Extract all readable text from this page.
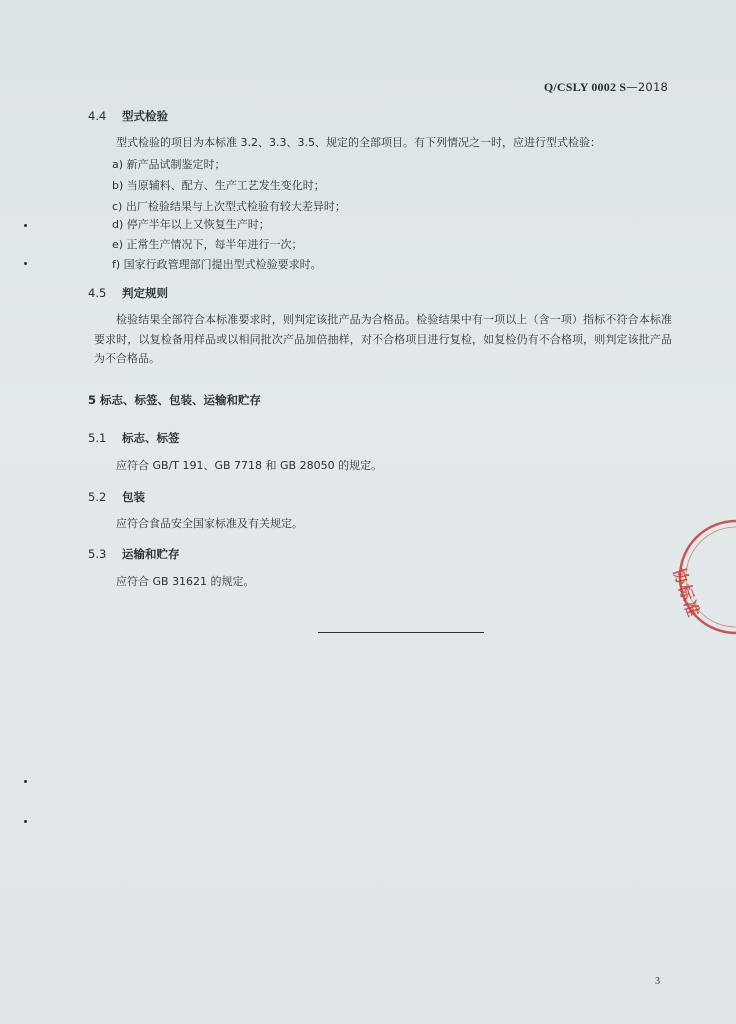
Q/CSLY 0002 S—2018
4.4 型式检验
型式检验的项目为本标准 3.2、3.3、3.5、规定的全部项目。有下列情况之一时，应进行型式检验：
a) 新产品试制鉴定时；
b) 当原辅料、配方、生产工艺发生变化时；
c) 出厂检验结果与上次型式检验有较大差异时；
d) 停产半年以上又恢复生产时；
e) 正常生产情况下，每半年进行一次；
f) 国家行政管理部门提出型式检验要求时。
4.5 判定规则
检验结果全部符合本标准要求时，则判定该批产品为合格品。检验结果中有一项以上（含一项）指标不符合本标准要求时，以复检备用样品或以相同批次产品加倍抽样，对不合格项目进行复检，如复检仍有不合格项，则判定该批产品为不合格品。
5 标志、标签、包装、运输和贮存
5.1 标志、标签
应符合 GB/T 191、GB 7718 和 GB 28050 的规定。
5.2 包装
应符合食品安全国家标准及有关规定。
5.3 运输和贮存
应符合 GB 31621 的规定。	协标准
3
